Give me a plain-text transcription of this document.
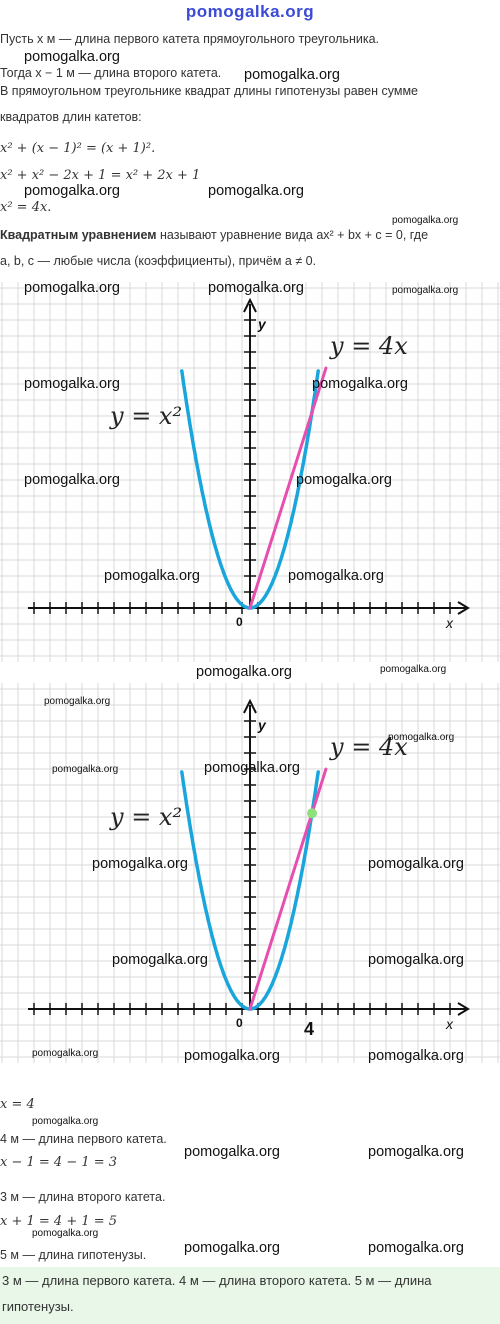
pomogalka.org
Пусть x м — длина первого катета прямоугольного треугольника.
Тогда x − 1 м — длина второго катета.
В прямоугольном треугольнике квадрат длины гипотенузы равен сумме
квадратов длин катетов:
x² + (x − 1)² = (x + 1)².
x² + x² − 2x + 1 = x² + 2x + 1
x² = 4x.
Квадратным уравнением называют уравнение вида ax² + bx + c = 0, где
a, b, c — любые числа (коэффициенты), причём a ≠ 0.
y = x²
y = 4x
x
y
0
y = x²
y = 4x
x
y
0	4
x = 4
4 м — длина первого катета.
x − 1 = 4 − 1 = 3
3 м — длина второго катета.
x + 1 = 4 + 1 = 5
5 м — длина гипотенузы.
3 м — длина первого катета. 4 м — длина второго катета. 5 м — длина
гипотенузы.
pomogalka.org
pomogalka.org
pomogalka.org	pomogalka.org
pomogalka.org
pomogalka.org	pomogalka.org	pomogalka.org
pomogalka.org	pomogalka.org
pomogalka.org	pomogalka.org
pomogalka.org	pomogalka.org
pomogalka.org	pomogalka.org
pomogalka.org
pomogalka.org
pomogalka.org	pomogalka.org
pomogalka.org	pomogalka.org
pomogalka.org	pomogalka.org
pomogalka.org	pomogalka.org	pomogalka.org
pomogalka.org
pomogalka.org	pomogalka.org
pomogalka.org
pomogalka.org	pomogalka.org
